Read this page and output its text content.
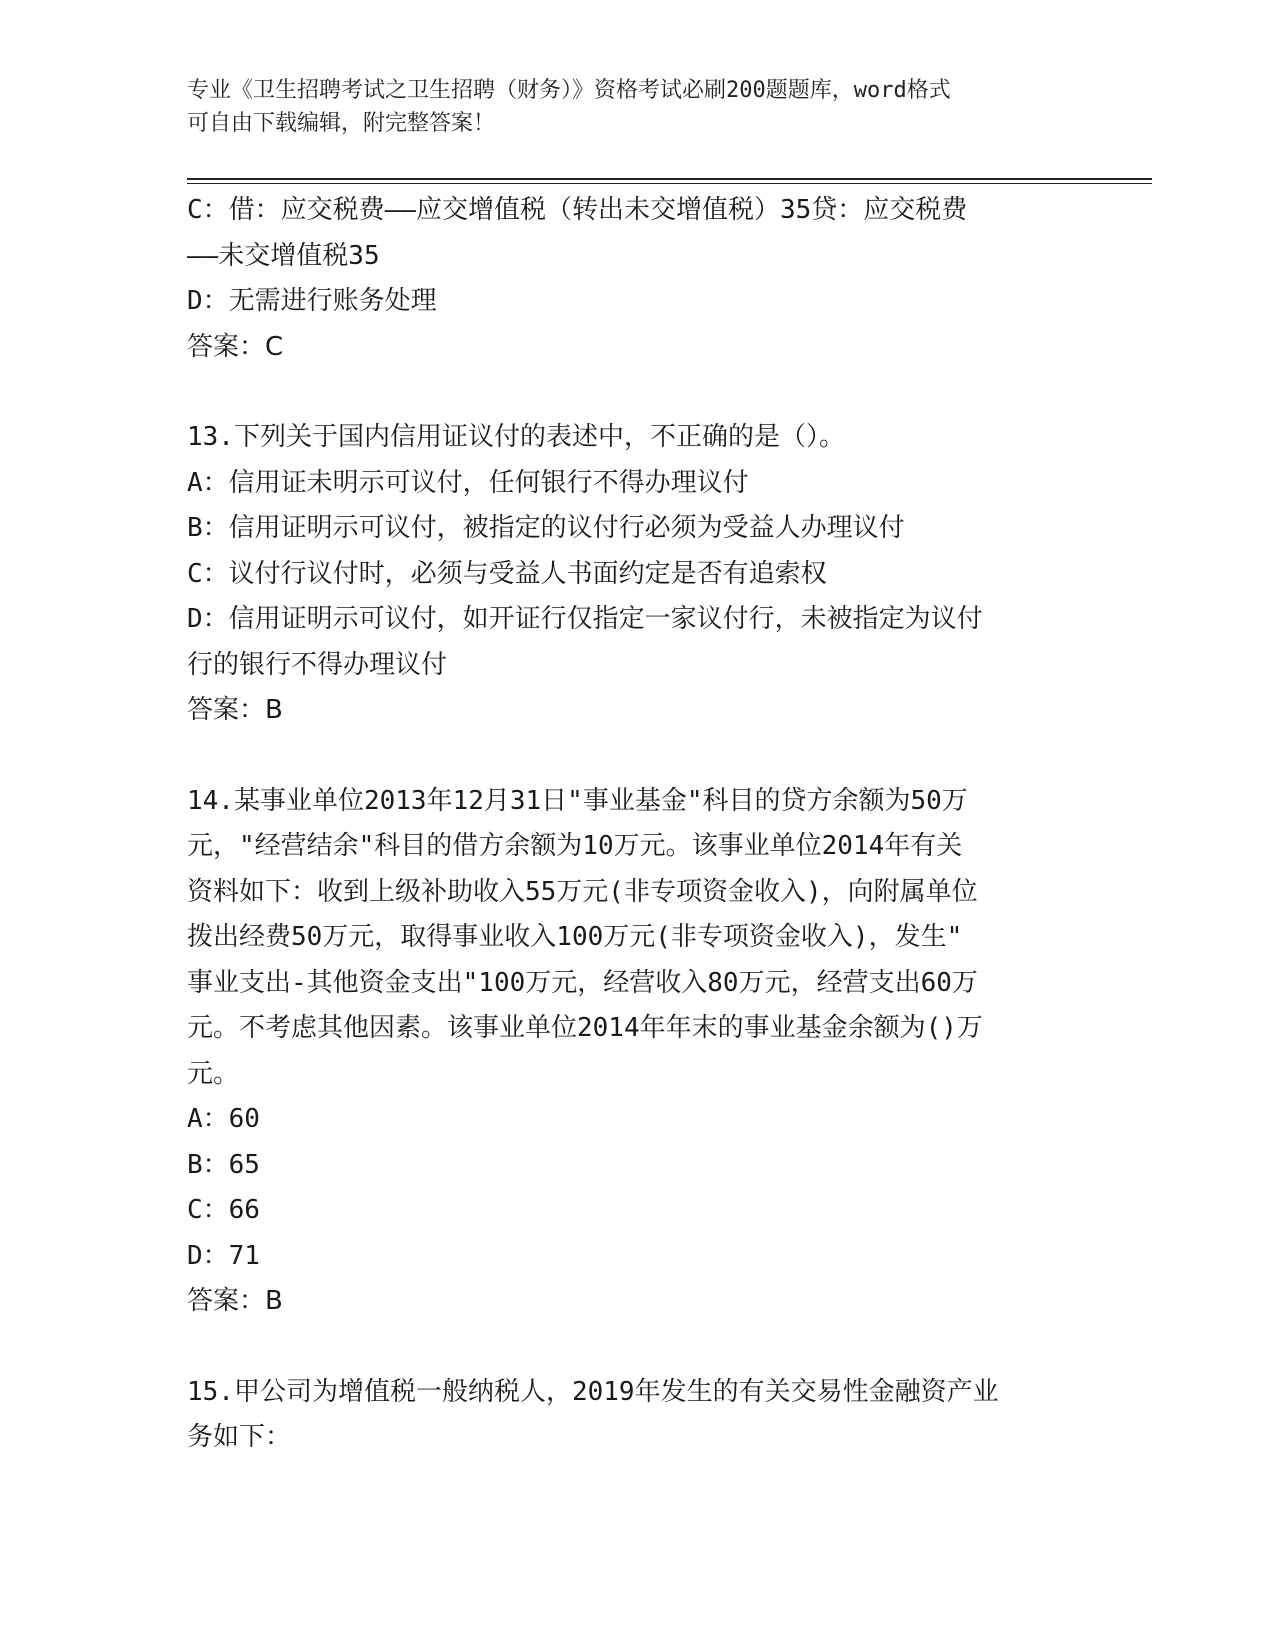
专业《卫生招聘考试之卫生招聘（财务）》资格考试必刷200题题库，word格式
可自由下载编辑，附完整答案！

C：借：应交税费——应交增值税（转出未交增值税）35贷：应交税费

——未交增值税35

D：无需进行账务处理

答案：C

13.下列关于国内信用证议付的表述中，不正确的是（）。

A：信用证未明示可议付，任何银行不得办理议付

B：信用证明示可议付，被指定的议付行必须为受益人办理议付

C：议付行议付时，必须与受益人书面约定是否有追索权

D：信用证明示可议付，如开证行仅指定一家议付行，未被指定为议付

行的银行不得办理议付

答案：B

14.某事业单位2013年12月31日"事业基金"科目的贷方余额为50万

元，"经营结余"科目的借方余额为10万元。该事业单位2014年有关

资料如下：收到上级补助收入55万元(非专项资金收入)，向附属单位

拨出经费50万元，取得事业收入100万元(非专项资金收入)，发生"

事业支出-其他资金支出"100万元，经营收入80万元，经营支出60万

元。不考虑其他因素。该事业单位2014年年末的事业基金余额为()万

元。

A：60

B：65

C：66

D：71

答案：B

15.甲公司为增值税一般纳税人，2019年发生的有关交易性金融资产业

务如下：
